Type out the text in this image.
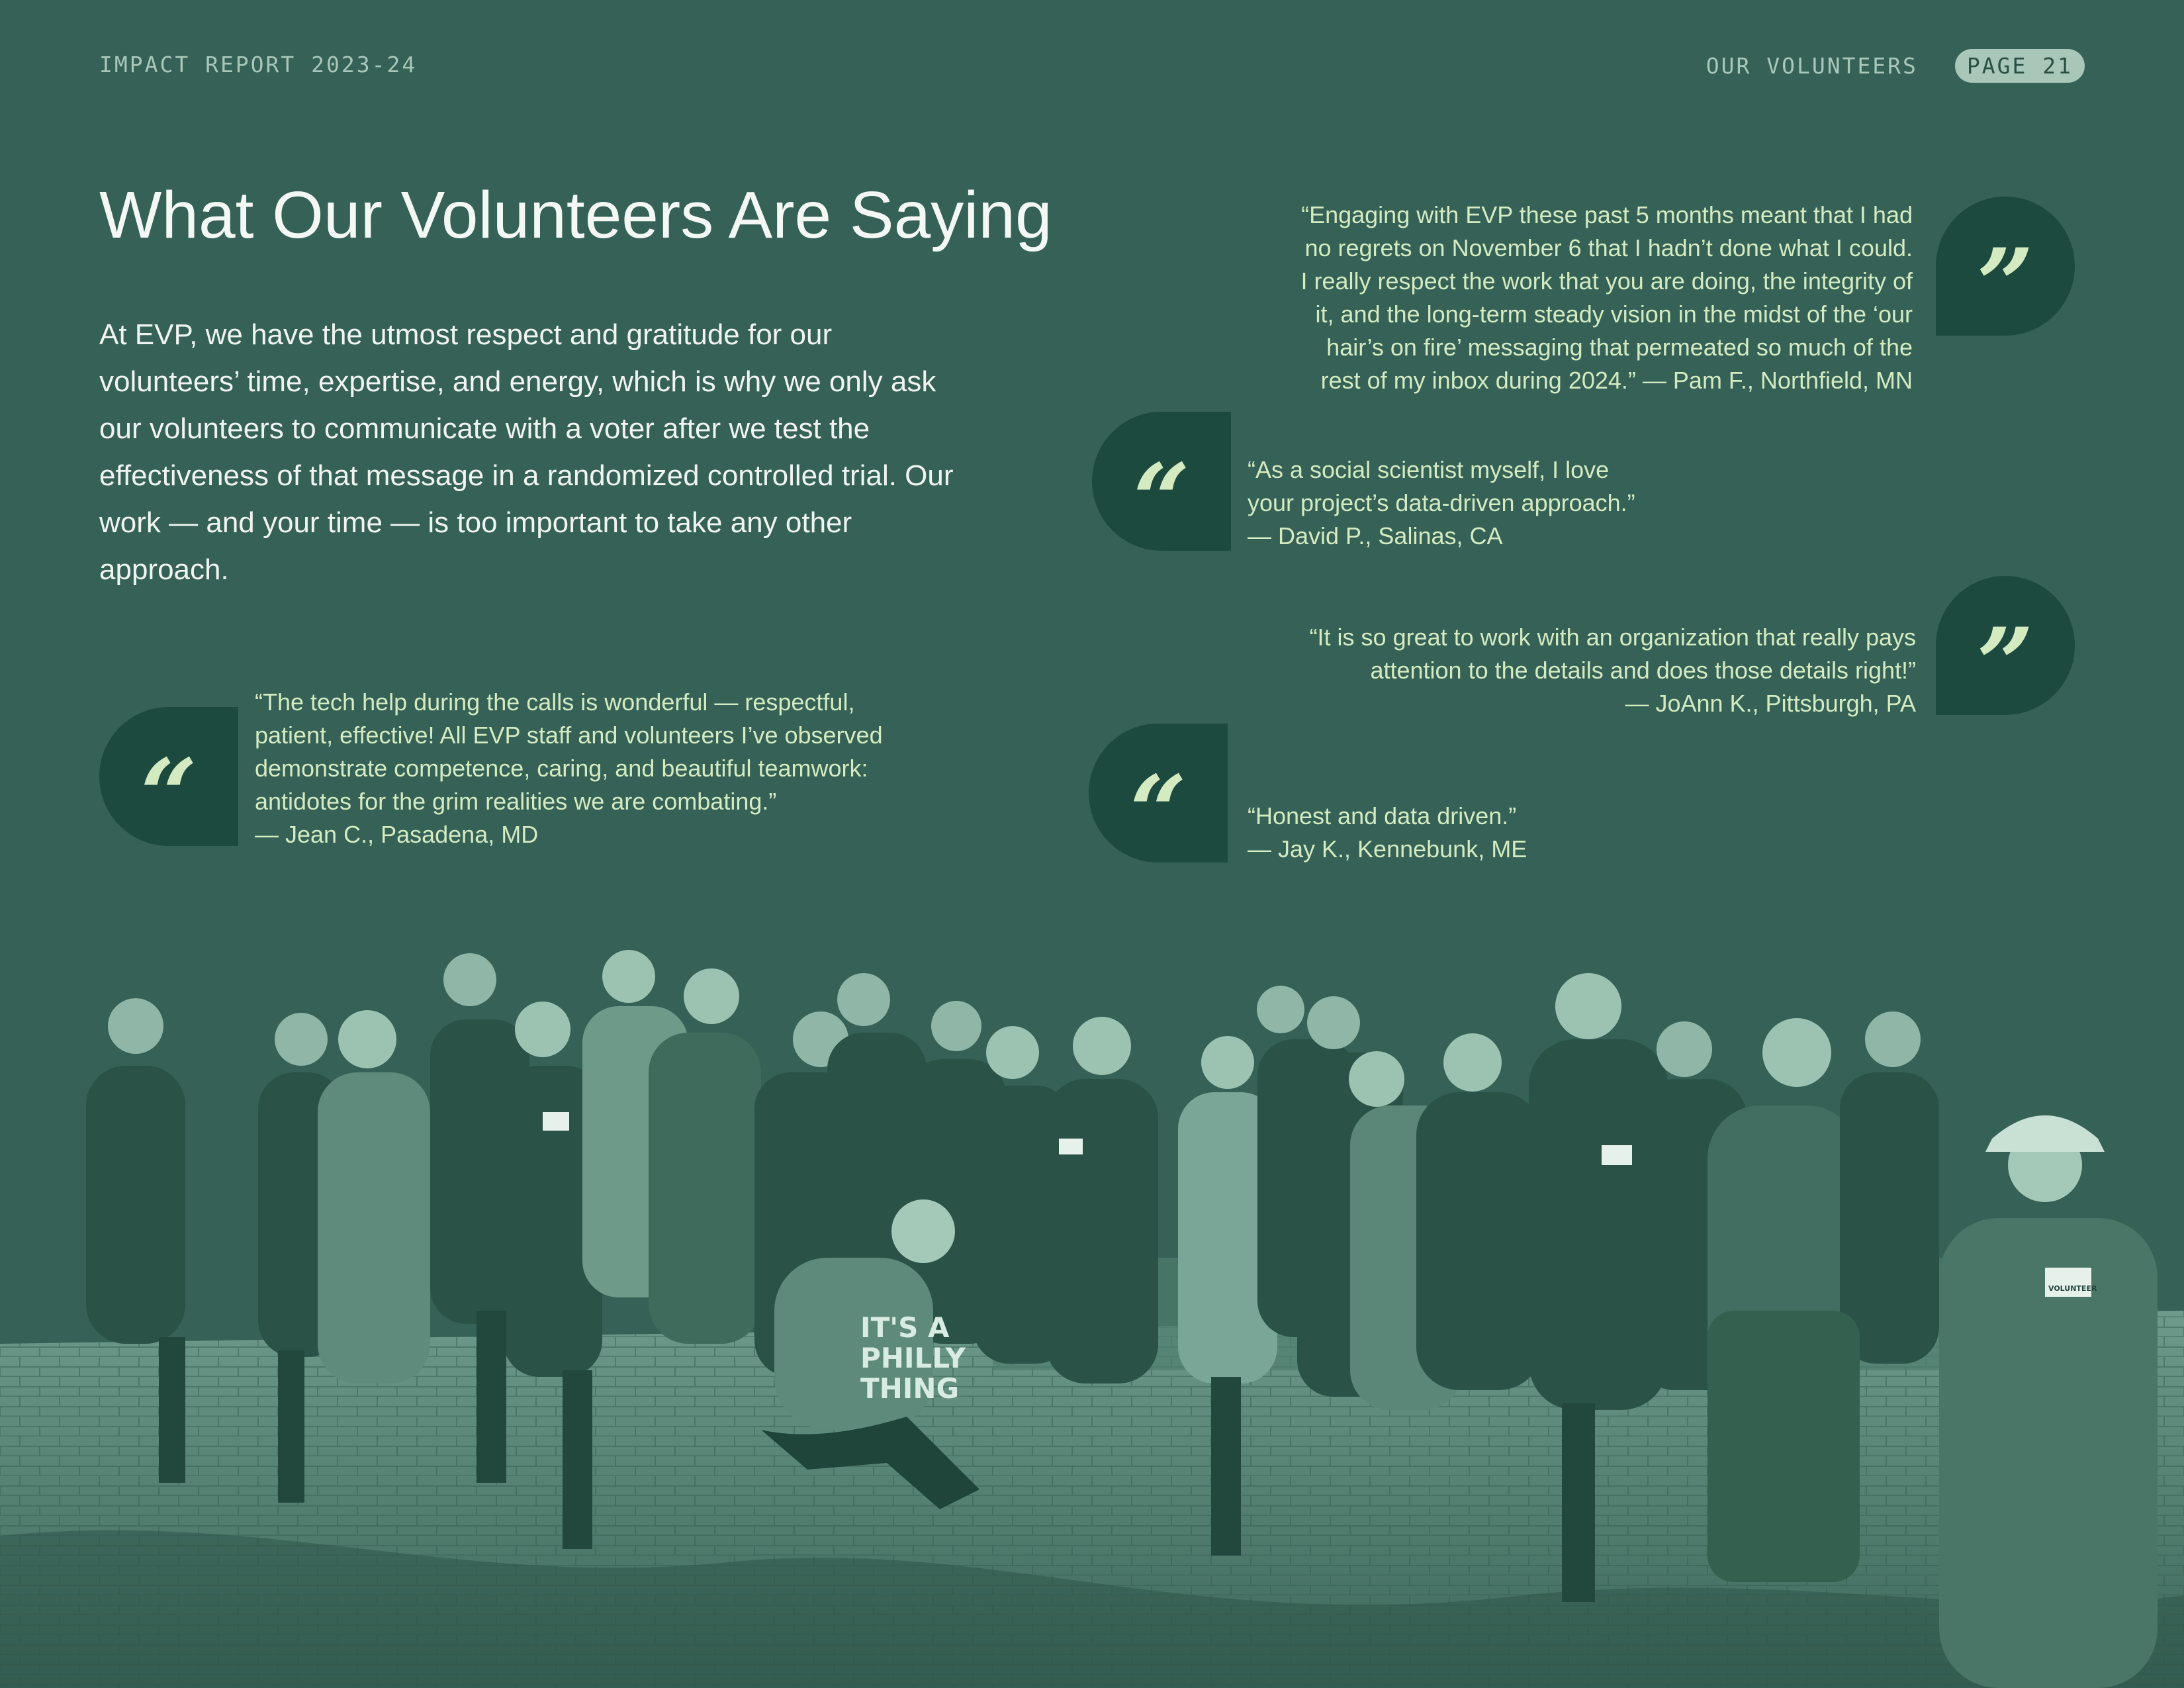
IMPACT REPORT 2023-24	OUR VOLUNTEERS	PAGE 21
What Our Volunteers Are Saying

At EVP, we have the utmost respect and gratitude for our volunteers’ time, expertise, and energy, which is why we only ask our volunteers to communicate with a voter after we test the effectiveness of that message in a randomized controlled trial. Our work — and your time — is too important to take any other approach.

“Engaging with EVP these past 5 months meant that I had
no regrets on November 6 that I hadn’t done what I could.
I really respect the work that you are doing, the integrity of
it, and the long-term steady vision in the midst of the ‘our
hair’s on fire’ messaging that permeated so much of the
rest of my inbox during 2024.” — Pam F., Northfield, MN

”
“	“As a social scientist myself, I love
your project’s data-driven approach.”
— David P., Salinas, CA

“It is so great to work with an organization that really pays
attention to the details and does those details right!”
— JoAnn K., Pittsburgh, PA ”
“

“The tech help during the calls is wonderful — respectful,
patient, effective! All EVP staff and volunteers I’ve observed
demonstrate competence, caring, and beautiful teamwork:
antidotes for the grim realities we are combating.”
— Jean C., Pasadena, MD	“	“Honest and data driven.”
— Jay K., Kennebunk, ME

IT'S A PHILLY THING
VOLUNTEER
